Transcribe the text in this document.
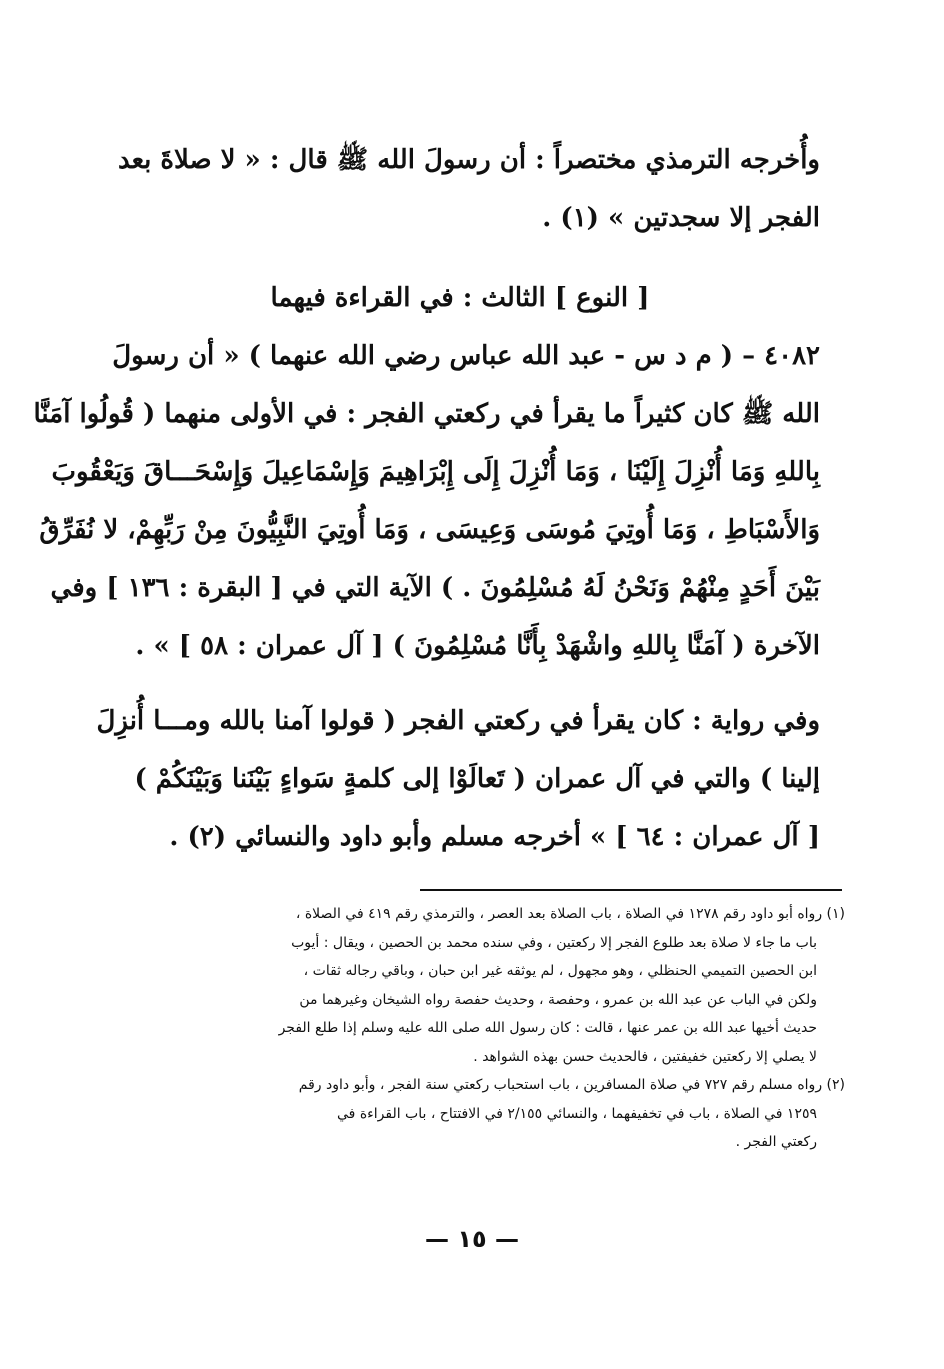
وأُخرجه الترمذي مختصراً : أن رسولَ الله ﷺ قال : « لا صلاةَ بعد
الفجر إلا سجدتين » (١) .
[ النوع ] الثالث : في القراءة فيهما
٤٠٨٢ – ( م د س - عبد الله عباس رضي الله عنهما ) « أن رسولَ
الله ﷺ كان كثيراً ما يقرأ في ركعتي الفجر : في الأولى منهما ( قُولُوا آمَنَّا
بِاللهِ وَمَا أُنْزِلَ إِلَيْنَا ، وَمَا أُنْزِلَ إِلَى إِبْرَاهِيمَ وَإِسْمَاعِيلَ وَإِسْحَـــاقَ وَيَعْقُوبَ
وَالأَسْبَاطِ ، وَمَا أُوتِيَ مُوسَى وَعِيسَى ، وَمَا أُوتِيَ النَّبِيُّونَ مِنْ رَبِّهِمْ، لا نُفَرِّقُ
بَيْنَ أَحَدٍ مِنْهُمْ وَنَحْنُ لَهُ مُسْلِمُونَ . ) الآية التي في [ البقرة : ١٣٦ ] وفي
الآخرة ( آمَنَّا بِاللهِ واشْهَدْ بِأَنَّا مُسْلِمُونَ ) [ آل عمران : ٥٨ ] » .
وفي رواية : كان يقرأ في ركعتي الفجر ( قولوا آمنا بالله ومـــا أُنزِلَ
إلينا ) والتي في آل عمران ( تَعالَوْا إلى كلمةٍ سَواءٍ بَيْنَنا وَبَيْنَكُمْ )
[ آل عمران : ٦٤ ] » أخرجه مسلم وأبو داود والنسائي (٢) .
(١) رواه أبو داود رقم ١٢٧٨ في الصلاة ، باب الصلاة بعد العصر ، والترمذي رقم ٤١٩ في الصلاة ،
باب ما جاء لا صلاة بعد طلوع الفجر إلا ركعتين ، وفي سنده محمد بن الحصين ، ويقال : أيوب
ابن الحصين التميمي الحنظلي ، وهو مجهول ، لم يوثقه غير ابن حبان ، وباقي رجاله ثقات ،
ولكن في الباب عن عبد الله بن عمرو ، وحفصة ، وحديث حفصة رواه الشيخان وغيرهما من
حديث أخيها عبد الله بن عمر عنها ، قالت : كان رسول الله صلى الله عليه وسلم إذا طلع الفجر
لا يصلي إلا ركعتين خفيفتين ، فالحديث حسن بهذه الشواهد .
(٢) رواه مسلم رقم ٧٢٧ في صلاة المسافرين ، باب استحباب ركعتي سنة الفجر ، وأبو داود رقم
١٢٥٩ في الصلاة ، باب في تخفيفهما ، والنسائي ٢/١٥٥ في الافتتاح ، باب القراءة في
ركعتي الفجر .
— ١٥ —
